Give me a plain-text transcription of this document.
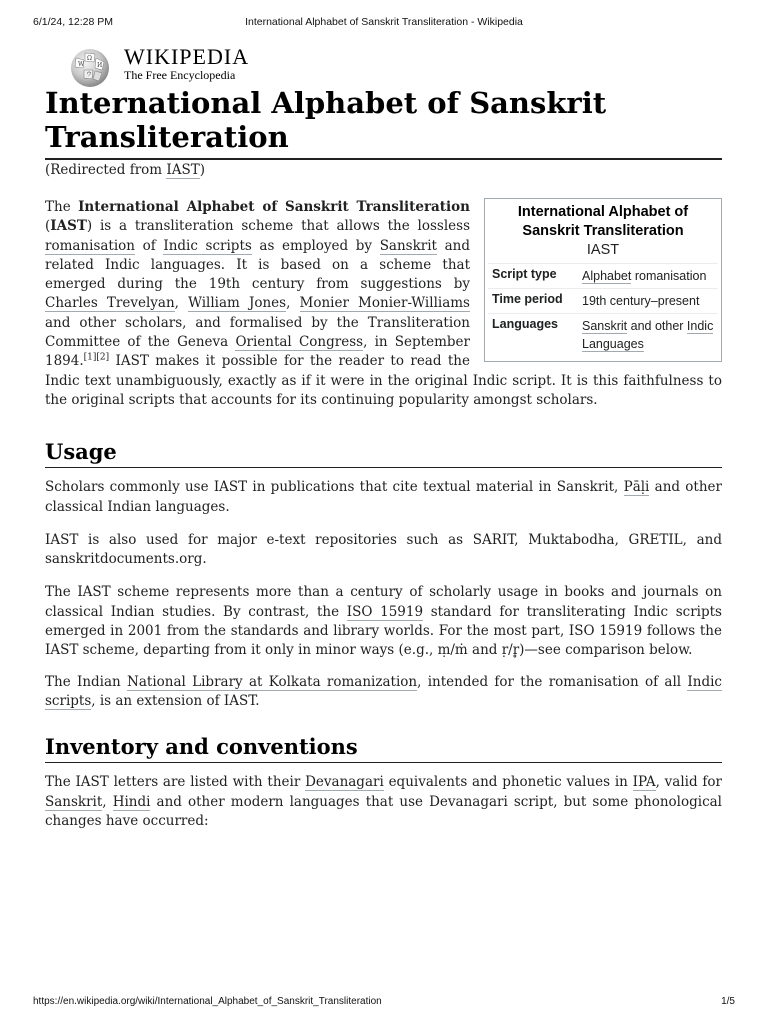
6/1/24, 12:28 PM	International Alphabet of Sanskrit Transliteration - Wikipedia
W
Ω
И
ウ
WIKIPEDIA
The Free Encyclopedia
International Alphabet of Sanskrit Transliteration
(Redirected from IAST)
International Alphabet of Sanskrit Transliteration
IAST
Script type	Alphabet romanisation
Time period	19th century–present
Languages	Sanskrit and other Indic Languages

The International Alphabet of Sanskrit Transliteration (IAST) is a transliteration scheme that allows the lossless romanisation of Indic scripts as employed by Sanskrit and related Indic languages. It is based on a scheme that emerged during the 19th century from suggestions by Charles Trevelyan, William Jones, Monier Monier-Williams and other scholars, and formalised by the Transliteration Committee of the Geneva Oriental Congress, in September 1894.[1][2] IAST makes it possible for the reader to read the Indic text unambiguously, exactly as if it were in the original Indic script. It is this faithfulness to the original scripts that accounts for its continuing popularity amongst scholars.

Usage

Scholars commonly use IAST in publications that cite textual material in Sanskrit, Pāḷi and other classical Indian languages.

IAST is also used for major e-text repositories such as SARIT, Muktabodha, GRETIL, and sanskritdocuments.org.

The IAST scheme represents more than a century of scholarly usage in books and journals on classical Indian studies. By contrast, the ISO 15919 standard for transliterating Indic scripts emerged in 2001 from the standards and library worlds. For the most part, ISO 15919 follows the IAST scheme, departing from it only in minor ways (e.g., ṃ/ṁ and ṛ/r̥)—see comparison below.

The Indian National Library at Kolkata romanization, intended for the romanisation of all Indic scripts, is an extension of IAST.

Inventory and conventions

The IAST letters are listed with their Devanagari equivalents and phonetic values in IPA, valid for Sanskrit, Hindi and other modern languages that use Devanagari script, but some phonological changes have occurred:

https://en.wikipedia.org/wiki/International_Alphabet_of_Sanskrit_Transliteration	1/5
